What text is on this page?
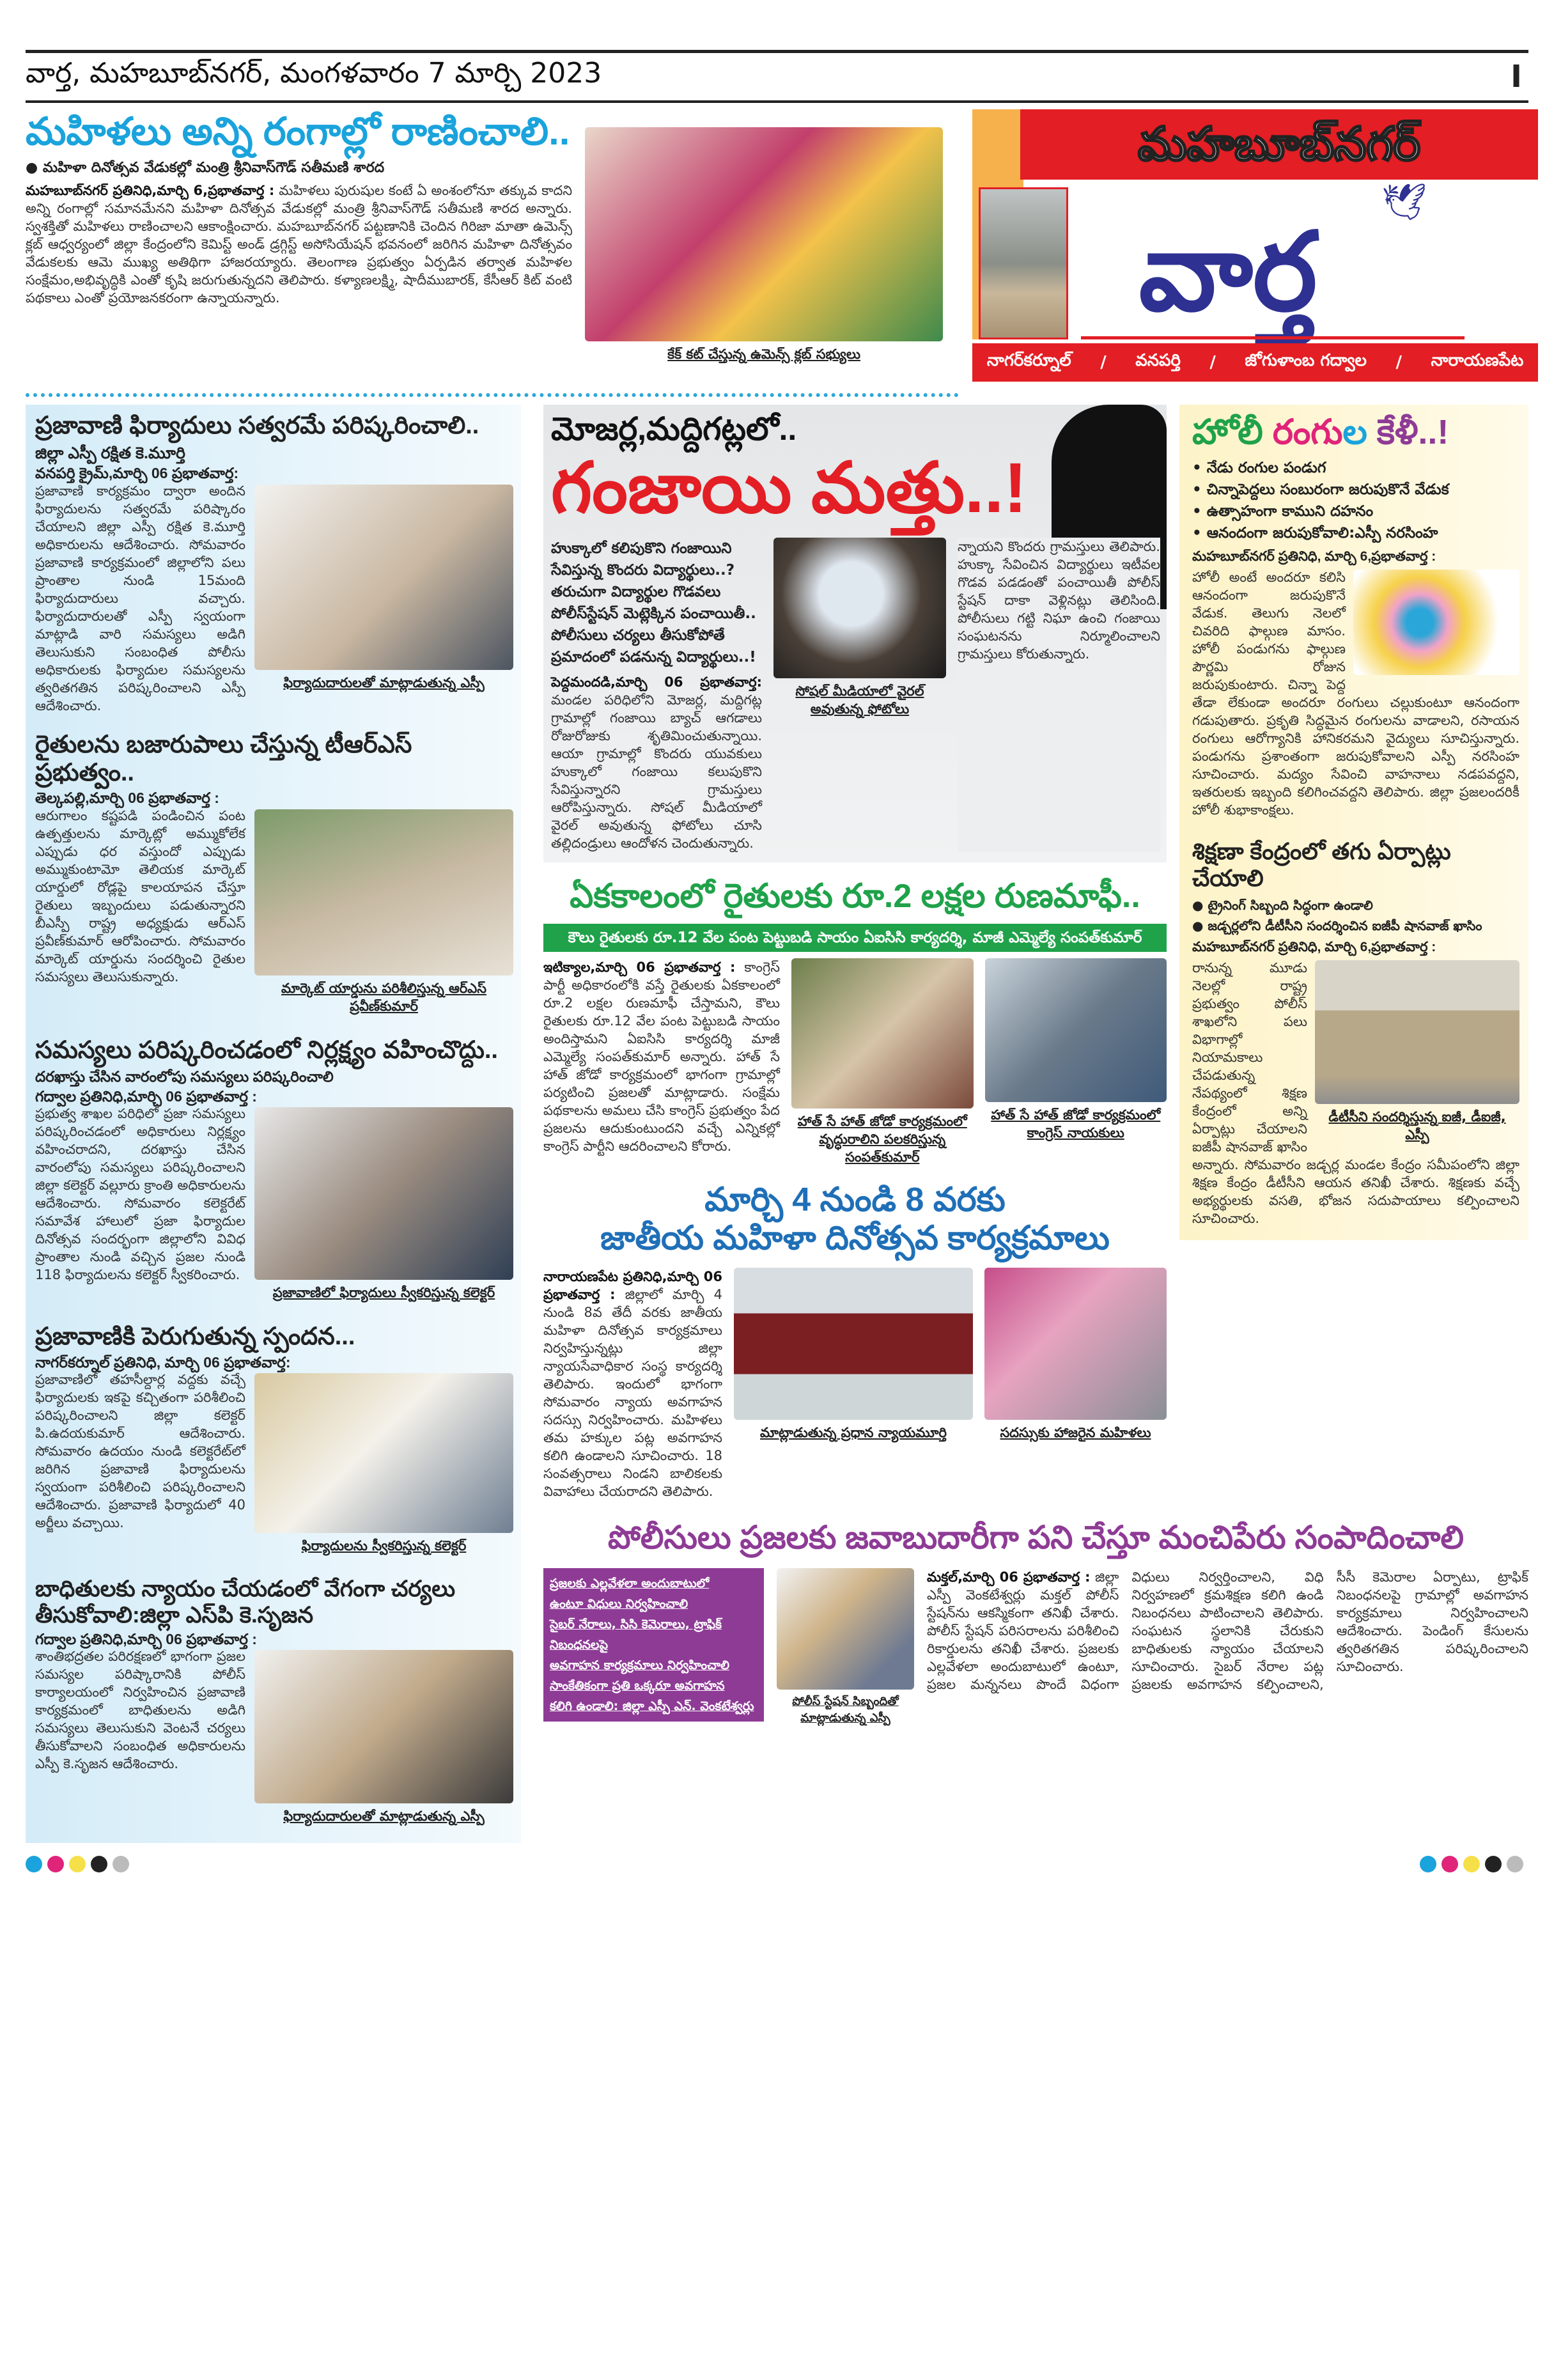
వార్త, మహబూబ్‌నగర్, మంగళవారం 7 మార్చి 2023	I
మహిళలు అన్ని రంగాల్లో రాణించాలి..
● మహిళా దినోత్సవ వేడుకల్లో మంత్రి శ్రీనివాస్‌గౌడ్ సతీమణి శారద
మహబూబ్‌నగర్ ప్రతినిధి,మార్చి 6,ప్రభాతవార్త : మహిళలు పురుషుల కంటే ఏ అంశంలోనూ తక్కువ కాదని అన్ని రంగాల్లో సమానమేనని మహిళా దినోత్సవ వేడుకల్లో మంత్రి శ్రీనివాస్‌గౌడ్ సతీమణి శారద అన్నారు. స్వశక్తితో మహిళలు రాణించాలని ఆకాంక్షించారు. మహబూబ్‌నగర్ పట్టణానికి చెందిన గిరిజా మాతా ఉమెన్స్ క్లబ్ ఆధ్వర్యంలో జిల్లా కేంద్రంలోని కెమిస్ట్ అండ్ డ్రగ్గిస్ట్ అసోసియేషన్ భవనంలో జరిగిన మహిళా దినోత్సవం వేడుకలకు ఆమె ముఖ్య అతిథిగా హాజరయ్యారు. తెలంగాణ ప్రభుత్వం ఏర్పడిన తర్వాత మహిళల సంక్షేమం,అభివృద్ధికి ఎంతో కృషి జరుగుతున్నదని తెలిపారు. కళ్యాణలక్ష్మి, షాదీముబారక్, కేసీఆర్ కిట్ వంటి పథకాలు ఎంతో ప్రయోజనకరంగా ఉన్నాయన్నారు.
కేక్ కట్ చేస్తున్న ఉమెన్స్ క్లబ్ సభ్యులు
మహబూబ్‌నగర్
🕊
వార్త
నాగర్‌కర్నూల్ / వనపర్తి / జోగుళాంబ గద్వాల / నారాయణపేట
ప్రజావాణి ఫిర్యాదులు సత్వరమే పరిష్కరించాలి..
జిల్లా ఎస్పీ రక్షిత కె.మూర్తి
వనపర్తి క్రైమ్,మార్చి 06 ప్రభాతవార్త:
ఫిర్యాదుదారులతో మాట్లాడుతున్న ఎస్పీ
ప్రజావాణి కార్యక్రమం ద్వారా అందిన ఫిర్యాదులను సత్వరమే పరిష్కారం చేయాలని జిల్లా ఎస్పీ రక్షిత కె.మూర్తి అధికారులను ఆదేశించారు. సోమవారం ప్రజావాణి కార్యక్రమంలో జిల్లాలోని పలు ప్రాంతాల నుండి 15మంది ఫిర్యాదుదారులు వచ్చారు. ఫిర్యాదుదారులతో ఎస్పీ స్వయంగా మాట్లాడి వారి సమస్యలు అడిగి తెలుసుకుని సంబంధిత పోలీసు అధికారులకు ఫిర్యాదుల సమస్యలను త్వరితగతిన పరిష్కరించాలని ఎస్పీ ఆదేశించారు.
రైతులను బజారుపాలు చేస్తున్న టీఆర్ఎస్ ప్రభుత్వం..
తెల్కపల్లి,మార్చి 06 ప్రభాతవార్త :
మార్కెట్ యార్డును పరిశీలిస్తున్న ఆర్ఎస్ ప్రవీణ్‌కుమార్
ఆరుగాలం కష్టపడి పండించిన పంట ఉత్పత్తులను మార్కెట్లో అమ్ముకోలేక ఎప్పుడు ధర వస్తుందో ఎప్పుడు అమ్ముకుంటామో తెలియక మార్కెట్ యార్డులో రోడ్లపై కాలయాపన చేస్తూ రైతులు ఇబ్బందులు పడుతున్నారని బీఎస్పీ రాష్ట్ర అధ్యక్షుడు ఆర్ఎస్ ప్రవీణ్‌కుమార్ ఆరోపించారు. సోమవారం మార్కెట్ యార్డును సందర్శించి రైతుల సమస్యలు తెలుసుకున్నారు.
సమస్యలు పరిష్కరించడంలో నిర్లక్ష్యం వహించొద్దు..
దరఖాస్తు చేసిన వారంలోపు సమస్యలు పరిష్కరించాలి
గద్వాల ప్రతినిధి,మార్చి 06 ప్రభాతవార్త :
ప్రజావాణిలో ఫిర్యాదులు స్వీకరిస్తున్న కలెక్టర్
ప్రభుత్వ శాఖల పరిధిలో ప్రజా సమస్యలు పరిష్కరించడంలో అధికారులు నిర్లక్ష్యం వహించరాదని, దరఖాస్తు చేసిన వారంలోపు సమస్యలు పరిష్కరించాలని జిల్లా కలెక్టర్ వల్లూరు క్రాంతి అధికారులను ఆదేశించారు. సోమవారం కలెక్టరేట్ సమావేశ హాలులో ప్రజా ఫిర్యాదుల దినోత్సవ సందర్భంగా జిల్లాలోని వివిధ ప్రాంతాల నుండి వచ్చిన ప్రజల నుండి 118 ఫిర్యాదులను కలెక్టర్ స్వీకరించారు.
ప్రజావాణికి పెరుగుతున్న స్పందన...
నాగర్‌కర్నూల్ ప్రతినిధి, మార్చి 06 ప్రభాతవార్త:
ఫిర్యాదులను స్వీకరిస్తున్న కలెక్టర్
ప్రజావాణిలో తహసీల్దార్ల వద్దకు వచ్చే ఫిర్యాదులకు ఇకపై కచ్చితంగా పరిశీలించి పరిష్కరించాలని జిల్లా కలెక్టర్ పి.ఉదయకుమార్ ఆదేశించారు. సోమవారం ఉదయం నుండి కలెక్టరేట్‌లో జరిగిన ప్రజావాణి ఫిర్యాదులను స్వయంగా పరిశీలించి పరిష్కరించాలని ఆదేశించారు. ప్రజావాణి ఫిర్యాదులో 40 అర్జీలు వచ్చాయి.
బాధితులకు న్యాయం చేయడంలో వేగంగా చర్యలు తీసుకోవాలి:జిల్లా ఎస్‌పి కె.సృజన
గద్వాల ప్రతినిధి,మార్చి 06 ప్రభాతవార్త :
ఫిర్యాదుదారులతో మాట్లాడుతున్న ఎస్పీ
శాంతిభద్రతల పరిరక్షణలో భాగంగా ప్రజల సమస్యల పరిష్కారానికి పోలీస్ కార్యాలయంలో నిర్వహించిన ప్రజావాణి కార్యక్రమంలో బాధితులను అడిగి సమస్యలు తెలుసుకుని వెంటనే చర్యలు తీసుకోవాలని సంబంధిత అధికారులను ఎస్పీ కె.సృజన ఆదేశించారు.
మోజర్ల,మద్దిగట్లలో..
గంజాయి మత్తు..!
హుక్కాలో కలిపుకొని గంజాయిని సేవిస్తున్న కొందరు విద్యార్థులు..?
తరుచుగా విద్యార్థుల గొడవలు
పోలీస్‌స్టేషన్ మెట్లెక్కిన పంచాయితీ..
పోలీసులు చర్యలు తీసుకోపోతే
ప్రమాదంలో పడనున్న విద్యార్థులు..!
పెద్దమందడి,మార్చి 06 ప్రభాతవార్త: మండల పరిధిలోని మోజర్ల, మద్దిగట్ల గ్రామాల్లో గంజాయి బ్యాచ్ ఆగడాలు రోజురోజుకు శృతిమించుతున్నాయి. ఆయా గ్రామాల్లో కొందరు యువకులు హుక్కాలో గంజాయి కలుపుకొని సేవిస్తున్నారని గ్రామస్తులు ఆరోపిస్తున్నారు. సోషల్ మీడియాలో వైరల్ అవుతున్న ఫోటోలు చూసి తల్లిదండ్రులు ఆందోళన చెందుతున్నారు.
సోషల్ మీడియాలో వైరల్ అవుతున్న ఫోటోలు
న్నాయని కొందరు గ్రామస్తులు తెలిపారు. హుక్కా సేవించిన విద్యార్థులు ఇటీవల గొడవ పడడంతో పంచాయితీ పోలీస్ స్టేషన్ దాకా వెళ్లినట్లు తెలిసింది. పోలీసులు గట్టి నిఘా ఉంచి గంజాయి సంఘటనను నిర్మూలించాలని గ్రామస్తులు కోరుతున్నారు.
ఏకకాలంలో రైతులకు రూ.2 లక్షల రుణమాఫీ..
కౌలు రైతులకు రూ.12 వేల పంట పెట్టుబడి సాయం ఏఐసిసి కార్యదర్శి, మాజీ ఎమ్మెల్యే సంపత్‌కుమార్
ఇటిక్యాల,మార్చి 06 ప్రభాతవార్త : కాంగ్రెస్ పార్టీ అధికారంలోకి వస్తే రైతులకు ఏకకాలంలో రూ.2 లక్షల రుణమాఫీ చేస్తామని, కౌలు రైతులకు రూ.12 వేల పంట పెట్టుబడి సాయం అందిస్తామని ఏఐసిసి కార్యదర్శి మాజీ ఎమ్మెల్యే సంపత్‌కుమార్ అన్నారు. హాత్ సే హాత్ జోడో కార్యక్రమంలో భాగంగా గ్రామాల్లో పర్యటించి ప్రజలతో మాట్లాడారు. సంక్షేమ పథకాలను అమలు చేసి కాంగ్రెస్ ప్రభుత్వం పేద ప్రజలను ఆదుకుంటుందని వచ్చే ఎన్నికల్లో కాంగ్రెస్ పార్టీని ఆదరించాలని కోరారు.
హాత్ సే హాత్ జోడో కార్యక్రమంలో వృద్ధురాలిని పలకరిస్తున్న సంపత్‌కుమార్
హాత్ సే హాత్ జోడో కార్యక్రమంలో కాంగ్రెస్ నాయకులు
మార్చి 4 నుండి 8 వరకు
జాతీయ మహిళా దినోత్సవ కార్యక్రమాలు
నారాయణపేట ప్రతినిధి,మార్చి 06 ప్రభాతవార్త : జిల్లాలో మార్చి 4 నుండి 8వ తేదీ వరకు జాతీయ మహిళా దినోత్సవ కార్యక్రమాలు నిర్వహిస్తున్నట్లు జిల్లా న్యాయసేవాధికార సంస్థ కార్యదర్శి తెలిపారు. ఇందులో భాగంగా సోమవారం న్యాయ అవగాహన సదస్సు నిర్వహించారు. మహిళలు తమ హక్కుల పట్ల అవగాహన కలిగి ఉండాలని సూచించారు. 18 సంవత్సరాలు నిండని బాలికలకు వివాహాలు చేయరాదని తెలిపారు.
మాట్లాడుతున్న ప్రధాన న్యాయమూర్తి	సదస్సుకు హాజరైన మహిళలు
హోలీ రంగుల కేళీ..!
• నేడు రంగుల పండుగ
• చిన్నాపెద్దలు సంబురంగా జరుపుకొనే వేడుక
• ఉత్సాహంగా కాముని దహనం
• ఆనందంగా జరుపుకోవాలి:ఎస్పీ నరసింహ
మహబూబ్‌నగర్ ప్రతినిధి, మార్చి 6,ప్రభాతవార్త :
హోలీ అంటే అందరూ కలిసి ఆనందంగా జరుపుకొనే వేడుక. తెలుగు నెలలో చివరిది ఫాల్గుణ మాసం. హోలీ పండుగను ఫాల్గుణ పౌర్ణమి రోజున జరుపుకుంటారు. చిన్నా పెద్ద తేడా లేకుండా అందరూ రంగులు చల్లుకుంటూ ఆనందంగా గడుపుతారు. ప్రకృతి సిద్ధమైన రంగులను వాడాలని, రసాయన రంగులు ఆరోగ్యానికి హానికరమని వైద్యులు సూచిస్తున్నారు. పండుగను ప్రశాంతంగా జరుపుకోవాలని ఎస్పీ నరసింహ సూచించారు. మద్యం సేవించి వాహనాలు నడపవద్దని, ఇతరులకు ఇబ్బంది కలిగించవద్దని తెలిపారు. జిల్లా ప్రజలందరికీ హోలీ శుభాకాంక్షలు.
శిక్షణా కేంద్రంలో తగు ఏర్పాట్లు చేయాలి
● ట్రైనింగ్ సిబ్బంది సిద్ధంగా ఉండాలి
● జడ్చర్లలోని డీటీసీని సందర్శించిన ఐజీపీ షానవాజ్ ఖాసిం
మహబూబ్‌నగర్ ప్రతినిధి, మార్చి 6,ప్రభాతవార్త :
డీటీసీని సందర్శిస్తున్న ఐజీ, డీఐజీ, ఎస్పీ
రానున్న మూడు నెలల్లో రాష్ట్ర ప్రభుత్వం పోలీస్ శాఖలోని పలు విభాగాల్లో నియామకాలు చేపడుతున్న నేపథ్యంలో శిక్షణ కేంద్రంలో అన్ని ఏర్పాట్లు చేయాలని ఐజీపీ షానవాజ్ ఖాసిం అన్నారు. సోమవారం జడ్చర్ల మండల కేంద్రం సమీపంలోని జిల్లా శిక్షణ కేంద్రం డీటీసీని ఆయన తనిఖీ చేశారు. శిక్షణకు వచ్చే అభ్యర్థులకు వసతి, భోజన సదుపాయాలు కల్పించాలని సూచించారు.
పోలీసులు ప్రజలకు జవాబుదారీగా పని చేస్తూ మంచిపేరు సంపాదించాలి
ప్రజలకు ఎల్లవేళలా అందుబాటులో
ఉంటూ విధులు నిర్వహించాలి
సైబర్ నేరాలు, సిసి కెమెరాలు, ట్రాఫిక్ నిబంధనలపై
అవగాహన కార్యక్రమాలు నిర్వహించాలి
సాంకేతికంగా ప్రతి ఒక్కరూ అవగాహన
కలిగి ఉండాలి: జిల్లా ఎస్పీ ఎన్. వెంకటేశ్వర్లు	పోలీస్ స్టేషన్ సిబ్బందితో మాట్లాడుతున్న ఎస్పీ
మక్తల్,మార్చి 06 ప్రభాతవార్త : జిల్లా ఎస్పీ వెంకటేశ్వర్లు మక్తల్ పోలీస్ స్టేషన్‌ను ఆకస్మికంగా తనిఖీ చేశారు. పోలీస్ స్టేషన్ పరిసరాలను పరిశీలించి రికార్డులను తనిఖీ చేశారు. ప్రజలకు ఎల్లవేళలా అందుబాటులో ఉంటూ, ప్రజల మన్ననలు పొందే విధంగా విధులు నిర్వర్తించాలని, విధి నిర్వహణలో క్రమశిక్షణ కలిగి ఉండి నిబంధనలు పాటించాలని తెలిపారు. సంఘటన స్థలానికి చేరుకుని బాధితులకు న్యాయం చేయాలని సూచించారు. సైబర్ నేరాల పట్ల ప్రజలకు అవగాహన కల్పించాలని, సీసీ కెమెరాల ఏర్పాటు, ట్రాఫిక్ నిబంధనలపై గ్రామాల్లో అవగాహన కార్యక్రమాలు నిర్వహించాలని ఆదేశించారు. పెండింగ్ కేసులను త్వరితగతిన పరిష్కరించాలని సూచించారు.
